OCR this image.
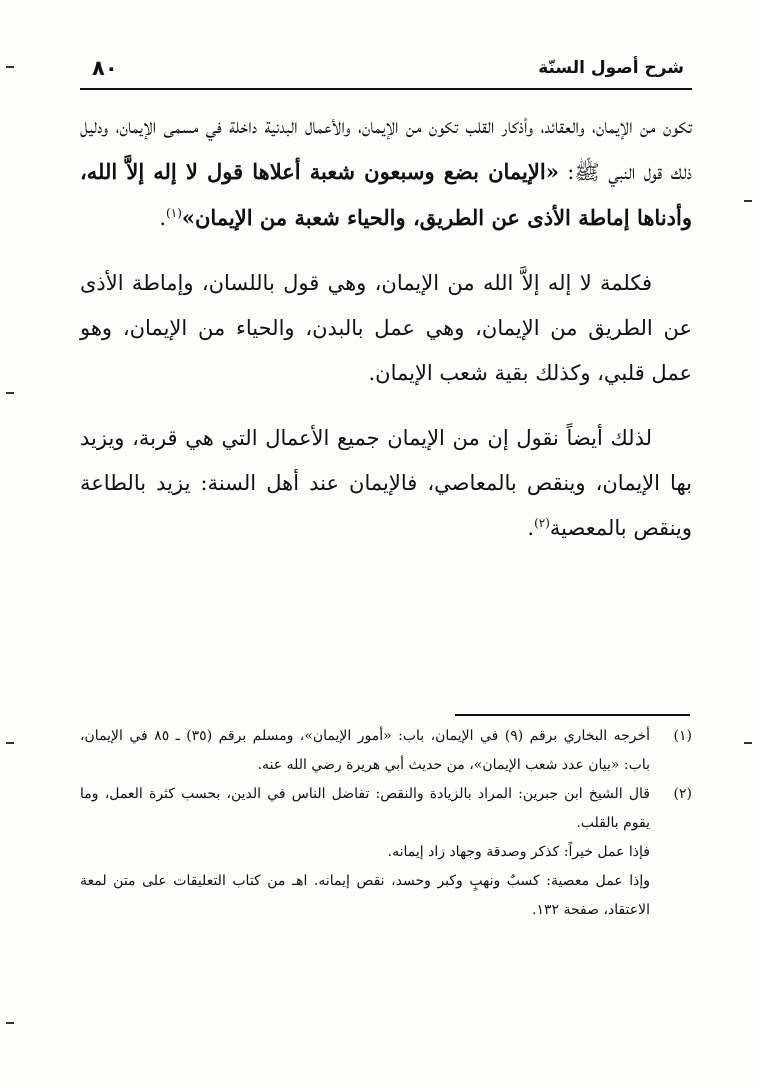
شرح أصول السنّة
٨٠

تكون من الإيمان، والعقائد، وأذكار القلب تكون من الإيمان، والأعمال البدنية داخلة في مسمى الإيمان، ودليل ذلك قول النبي ﷺ: «الإيمان بضع وسبعون شعبة أعلاها قول لا إله إلاَّ الله، وأدناها إماطة الأذى عن الطريق، والحياء شعبة من الإيمان»$^{(١)}$.

فكلمة لا إله إلاَّ الله من الإيمان، وهي قول باللسان، وإماطة الأذى عن الطريق من الإيمان، وهي عمل بالبدن، والحياء من الإيمان، وهو عمل قلبي، وكذلك بقية شعب الإيمان.

لذلك أيضاً نقول إن من الإيمان جميع الأعمال التي هي قربة، ويزيد بها الإيمان، وينقص بالمعاصي، فالإيمان عند أهل السنة: يزيد بالطاعة وينقص بالمعصية$^{(٢)}$.

(١)

أخرجه البخاري برقم (٩) في الإيمان، باب: «أمور الإيمان»، ومسلم برقم (٣٥) ـ ٨٥ في الإيمان، باب: «بيان عدد شعب الإيمان»، من حديث أبي هريرة رضي الله عنه.

(٢)

قال الشيخ ابن جبرين: المراد بالزيادة والنقص: تفاضل الناس في الدين، بحسب كثرة العمل، وما يقوم بالقلب.

فإذا عمل خيراً: كذكر وصدقة وجهاد زاد إيمانه.

وإذا عمل معصية: كسبٌ ونهبٍ وكبر وحسد، نقص إيمانه. اهـ من كتاب التعليقات على متن لمعة الاعتقاد، صفحة ١٣٢.
